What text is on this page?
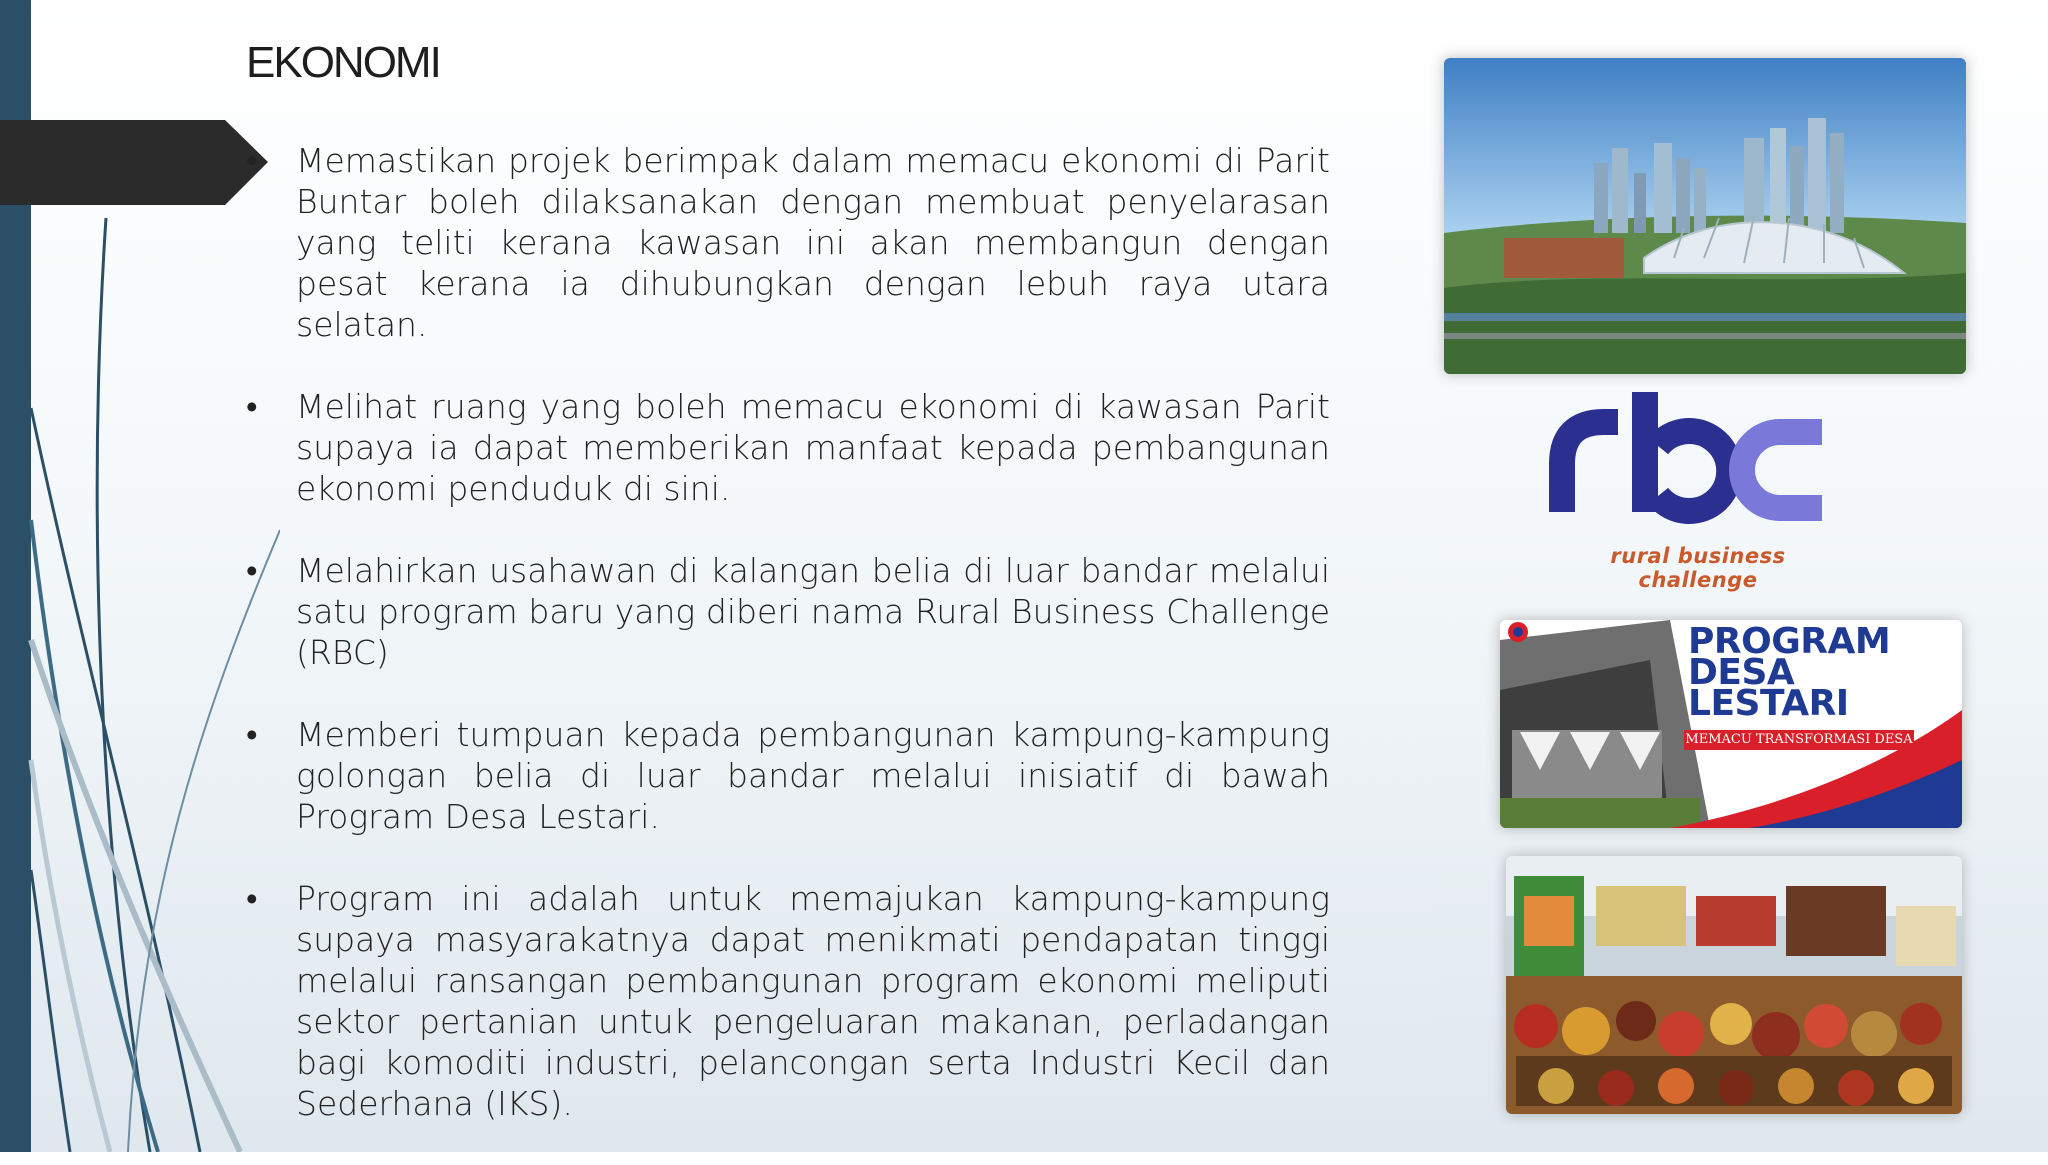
EKONOMI
• Memastikan projek berimpak dalam memacu ekonomi di Parit Buntar boleh dilaksanakan dengan membuat penyelarasan yang teliti kerana kawasan ini akan membangun dengan pesat kerana ia dihubungkan dengan lebuh raya utara selatan.
• Melihat ruang yang boleh memacu ekonomi di kawasan Parit supaya ia dapat memberikan manfaat kepada pembangunan ekonomi penduduk di sini.
• Melahirkan usahawan di kalangan belia di luar bandar melalui satu program baru yang diberi nama Rural Business Challenge (RBC)
• Memberi tumpuan kepada pembangunan kampung-kampung golongan belia di luar bandar melalui inisiatif di bawah Program Desa Lestari.
• Program ini adalah untuk memajukan kampung-kampung supaya masyarakatnya dapat menikmati pendapatan tinggi melalui ransangan pembangunan program ekonomi meliputi sektor pertanian untuk pengeluaran makanan, perladangan bagi komoditi industri, pelancongan serta Industri Kecil dan Sederhana (IKS).
rural business challenge
PROGRAM
DESA
LESTARI
MEMACU TRANSFORMASI DESA
